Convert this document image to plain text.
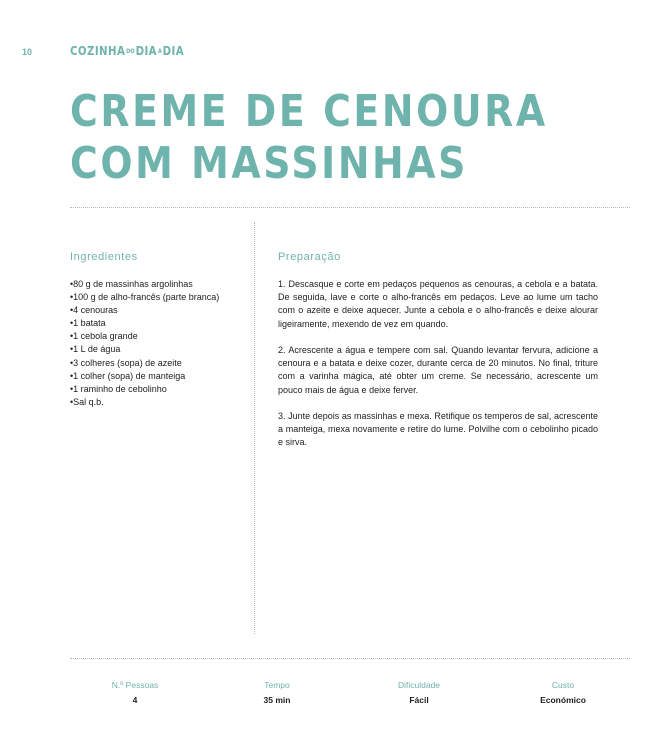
10	COZINHADODIAADIA
CREME DE CENOURA
COM MASSINHAS
Ingredientes
•80 g de massinhas argolinhas
•100 g de alho-francês (parte branca)
•4 cenouras
•1 batata
•1 cebola grande
•1 L de água
•3 colheres (sopa) de azeite
•1 colher (sopa) de manteiga
•1 raminho de cebolinho
•Sal q.b.
Preparação

1. Descasque e corte em pedaços pequenos as cenouras, a cebola e a batata. De seguida, lave e corte o alho-francês em pedaços. Leve ao lume um tacho com o azeite e deixe aquecer. Junte a cebola e o alho-francês e deixe alourar ligeiramente, mexendo de vez em quando.

2. Acrescente a água e tempere com sal. Quando levantar fervura, adicione a cenoura e a batata e deixe cozer, durante cerca de 20 minutos. No final, triture com a varinha mágica, até obter um creme. Se necessário, acrescente um pouco mais de água e deixe ferver.

3. Junte depois as massinhas e mexa. Retifique os temperos de sal, acrescente a manteiga, mexa novamente e retire do lume. Polvilhe com o cebolinho picado e sirva.

N.º Pessoas
4
Tempo
35 min
Dificuldade
Fácil
Custo
Económico
